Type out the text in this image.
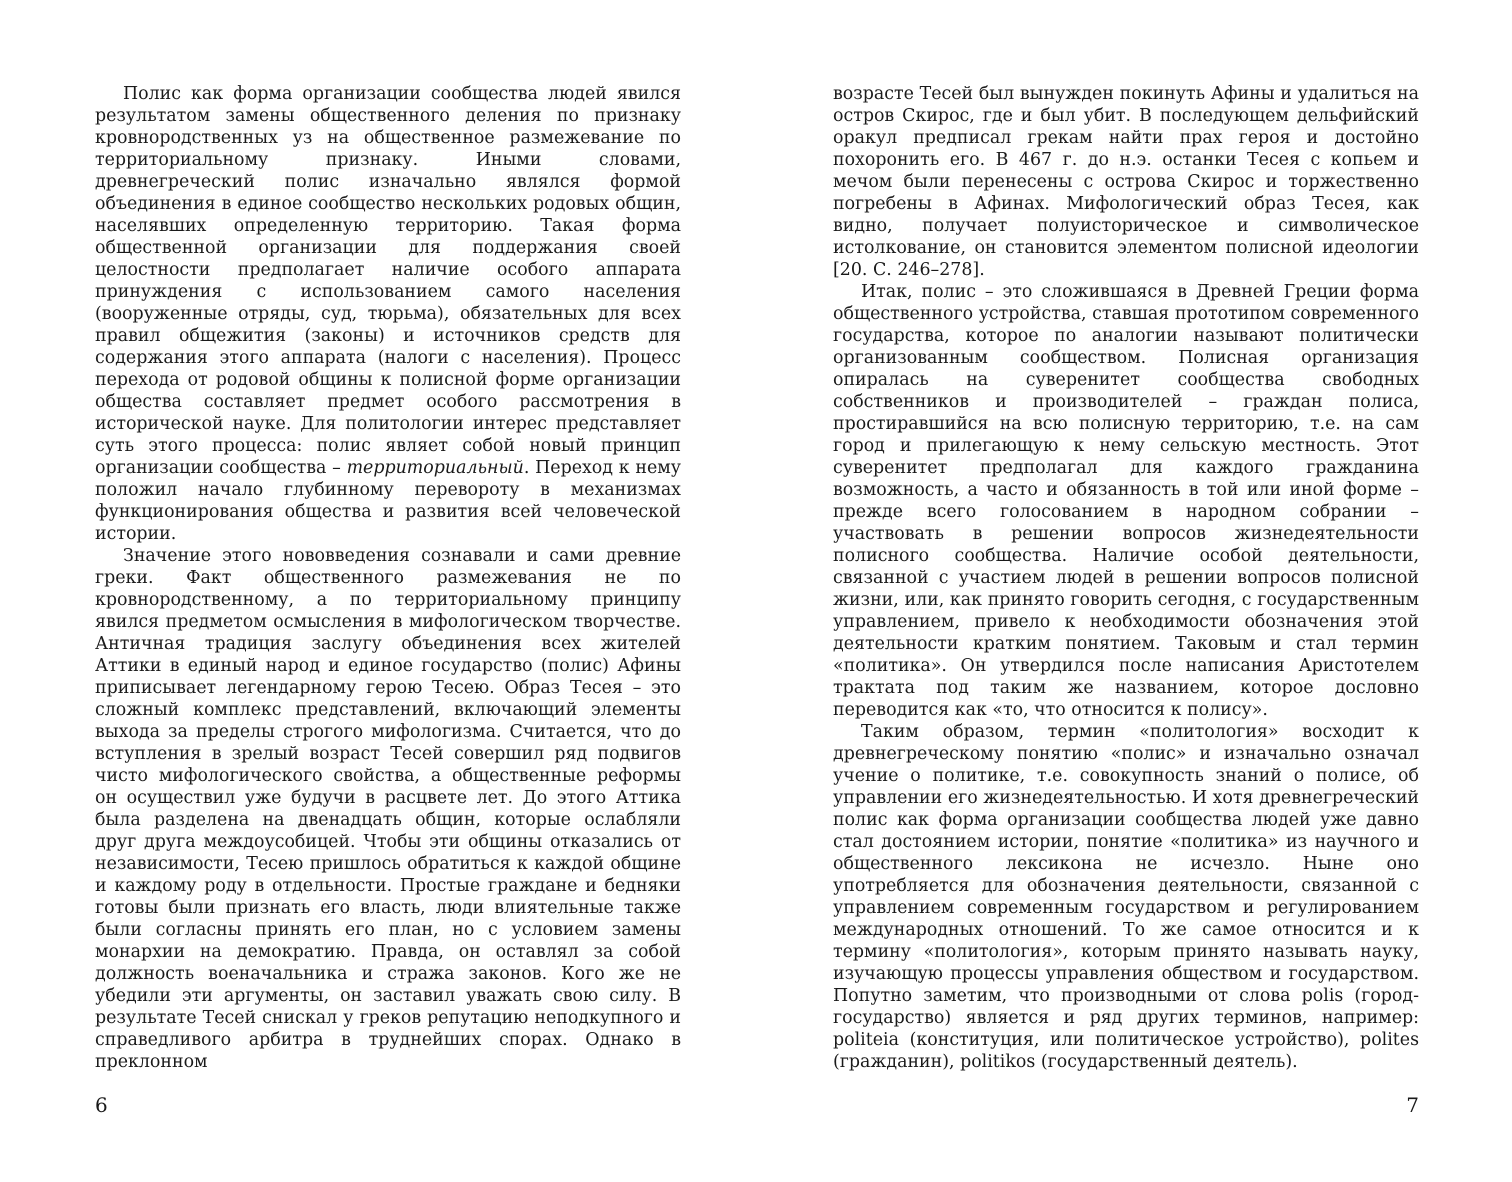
Полис как форма организации сообщества людей явился результатом замены общественного деления по признаку кровнородственных уз на общественное размежевание по территориальному признаку. Иными словами, древнегреческий полис изначально являлся формой объединения в единое сообщество нескольких родовых общин, населявших определенную территорию. Такая форма общественной организации для поддержания своей целостности предполагает наличие особого аппарата принуждения с использованием самого населения (вооруженные отряды, суд, тюрьма), обязательных для всех правил общежития (законы) и источников средств для содержания этого аппарата (налоги с населения). Процесс перехода от родовой общины к полисной форме организации общества составляет предмет особого рассмотрения в исторической науке. Для политологии интерес представляет суть этого процесса: полис являет собой новый принцип организации сообщества – территориальный. Переход к нему положил начало глубинному перевороту в механизмах функционирования общества и развития всей человеческой истории.

Значение этого нововведения сознавали и сами древние греки. Факт общественного размежевания не по кровнородственному, а по территориальному принципу явился предметом осмысления в мифологическом творчестве. Античная традиция заслугу объединения всех жителей Аттики в единый народ и единое государство (полис) Афины приписывает легендарному герою Тесею. Образ Тесея – это сложный комплекс представлений, включающий элементы выхода за пределы строгого мифологизма. Считается, что до вступления в зрелый возраст Тесей совершил ряд подвигов чисто мифологического свойства, а общественные реформы он осуществил уже будучи в расцвете лет. До этого Аттика была разделена на двенадцать общин, которые ослабляли друг друга междоусобицей. Чтобы эти общины отказались от независимости, Тесею пришлось обратиться к каждой общине и каждому роду в отдельности. Простые граждане и бедняки готовы были признать его власть, люди влиятельные также были согласны принять его план, но с условием замены монархии на демократию. Правда, он оставлял за собой должность военачальника и стража законов. Кого же не убедили эти аргументы, он заставил уважать свою силу. В результате Тесей снискал у греков репутацию неподкупного и справедливого арбитра в труднейших спорах. Однако в преклонном

6

возрасте Тесей был вынужден покинуть Афины и удалиться на остров Скирос, где и был убит. В последующем дельфийский оракул предписал грекам найти прах героя и достойно похоронить его. В 467 г. до н.э. останки Тесея с копьем и мечом были перенесены с острова Скирос и торжественно погребены в Афинах. Мифологический образ Тесея, как видно, получает полуисторическое и символическое истолкование, он становится элементом полисной идеологии [20. С. 246–278].

Итак, полис – это сложившаяся в Древней Греции форма общественного устройства, ставшая прототипом современного государства, которое по аналогии называют политически организованным сообществом. Полисная организация опиралась на суверенитет сообщества свободных собственников и производителей – граждан полиса, простиравшийся на всю полисную территорию, т.е. на сам город и прилегающую к нему сельскую местность. Этот суверенитет предполагал для каждого гражданина возможность, а часто и обязанность в той или иной форме – прежде всего голосованием в народном собрании – участвовать в решении вопросов жизнедеятельности полисного сообщества. Наличие особой деятельности, связанной с участием людей в решении вопросов полисной жизни, или, как принято говорить сегодня, с государственным управлением, привело к необходимости обозначения этой деятельности кратким понятием. Таковым и стал термин «политика». Он утвердился после написания Аристотелем трактата под таким же названием, которое дословно переводится как «то, что относится к полису».

Таким образом, термин «политология» восходит к древнегреческому понятию «полис» и изначально означал учение о политике, т.е. совокупность знаний о полисе, об управлении его жизнедеятельностью. И хотя древнегреческий полис как форма организации сообщества людей уже давно стал достоянием истории, понятие «политика» из научного и общественного лексикона не исчезло. Ныне оно употребляется для обозначения деятельности, связанной с управлением современным государством и регулированием международных отношений. То же самое относится и к термину «политология», которым принято называть науку, изучающую процессы управления обществом и государством. Попутно заметим, что производными от слова polis (город-государство) является и ряд других терминов, например: politeia (конституция, или политическое устройство), polites (гражданин), politikos (государственный деятель).

7
